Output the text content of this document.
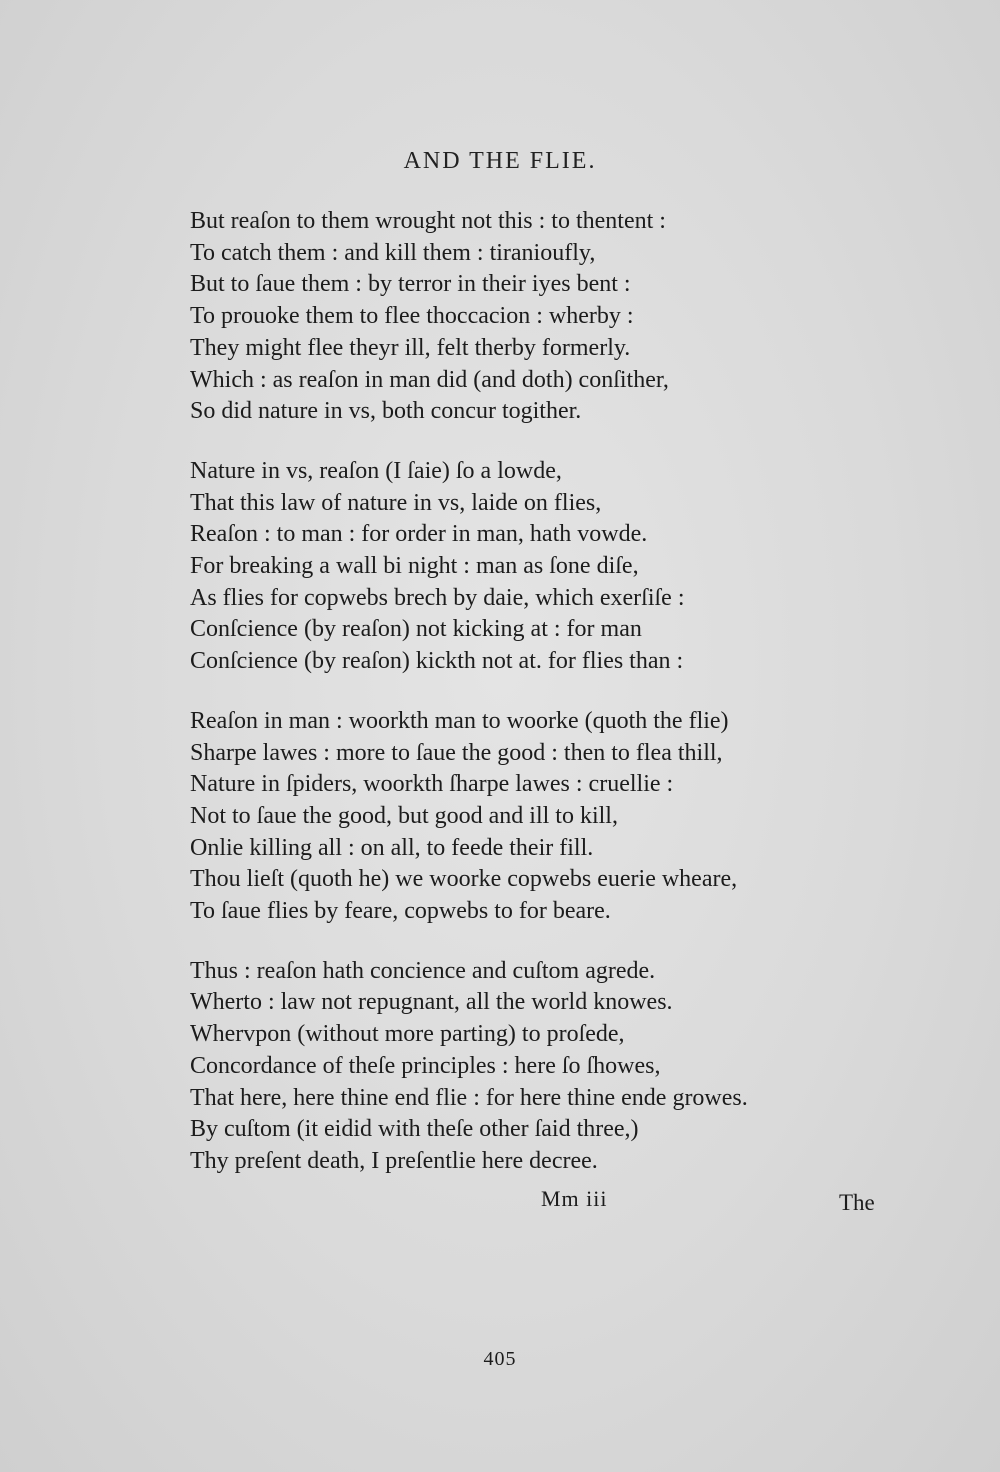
AND THE FLIE.
But reaſon to them wrought not this : to thentent :
To catch them : and kill them : tiranioufly,
But to ſaue them : by terror in their iyes bent :
To prouoke them to flee thoccacion : wherby :
They might flee theyr ill, felt therby formerly.
Which : as reaſon in man did (and doth) conſither,
So did nature in vs, both concur togither.
Nature in vs, reaſon (I ſaie) ſo a lowde,
That this law of nature in vs, laide on flies,
Reaſon : to man : for order in man, hath vowde.
For breaking a wall bi night : man as ſone diſe,
As flies for copwebs brech by daie, which exerſiſe :
Conſcience (by reaſon) not kicking at : for man
Conſcience (by reaſon) kickth not at. for flies than :
Reaſon in man : woorkth man to woorke (quoth the flie)
Sharpe lawes : more to ſaue the good : then to flea thill,
Nature in ſpiders, woorkth ſharpe lawes : cruellie :
Not to ſaue the good, but good and ill to kill,
Onlie killing all : on all, to feede their fill.
Thou lieſt (quoth he) we woorke copwebs euerie wheare,
To ſaue flies by feare, copwebs to for beare.
Thus : reaſon hath concience and cuſtom agrede.
Wherto : law not repugnant, all the world knowes.
Whervpon (without more parting) to proſede,
Concordance of theſe principles : here ſo ſhowes,
That here, here thine end flie : for here thine ende growes.
By cuſtom (it eidid with theſe other ſaid three,)
Thy preſent death, I preſentlie here decree.
Mm iii	The
405
